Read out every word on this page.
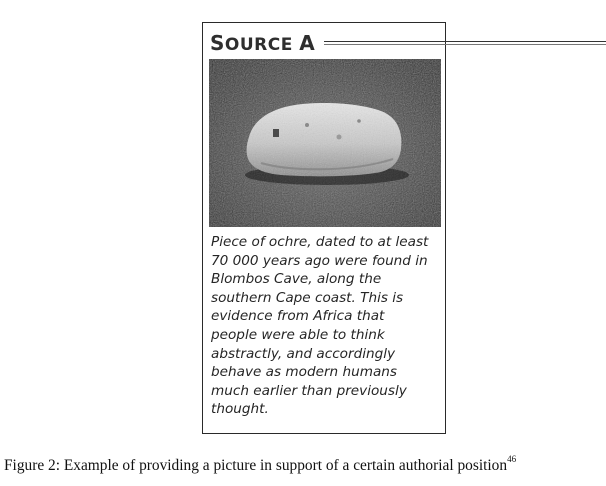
SOURCE A
Piece of ochre, dated to at least
70 000 years ago were found in
Blombos Cave, along the
southern Cape coast. This is
evidence from Africa that
people were able to think
abstractly, and accordingly
behave as modern humans
much earlier than previously
thought.
Figure 2: Example of providing a picture in support of a certain authorial position$^{46}$
